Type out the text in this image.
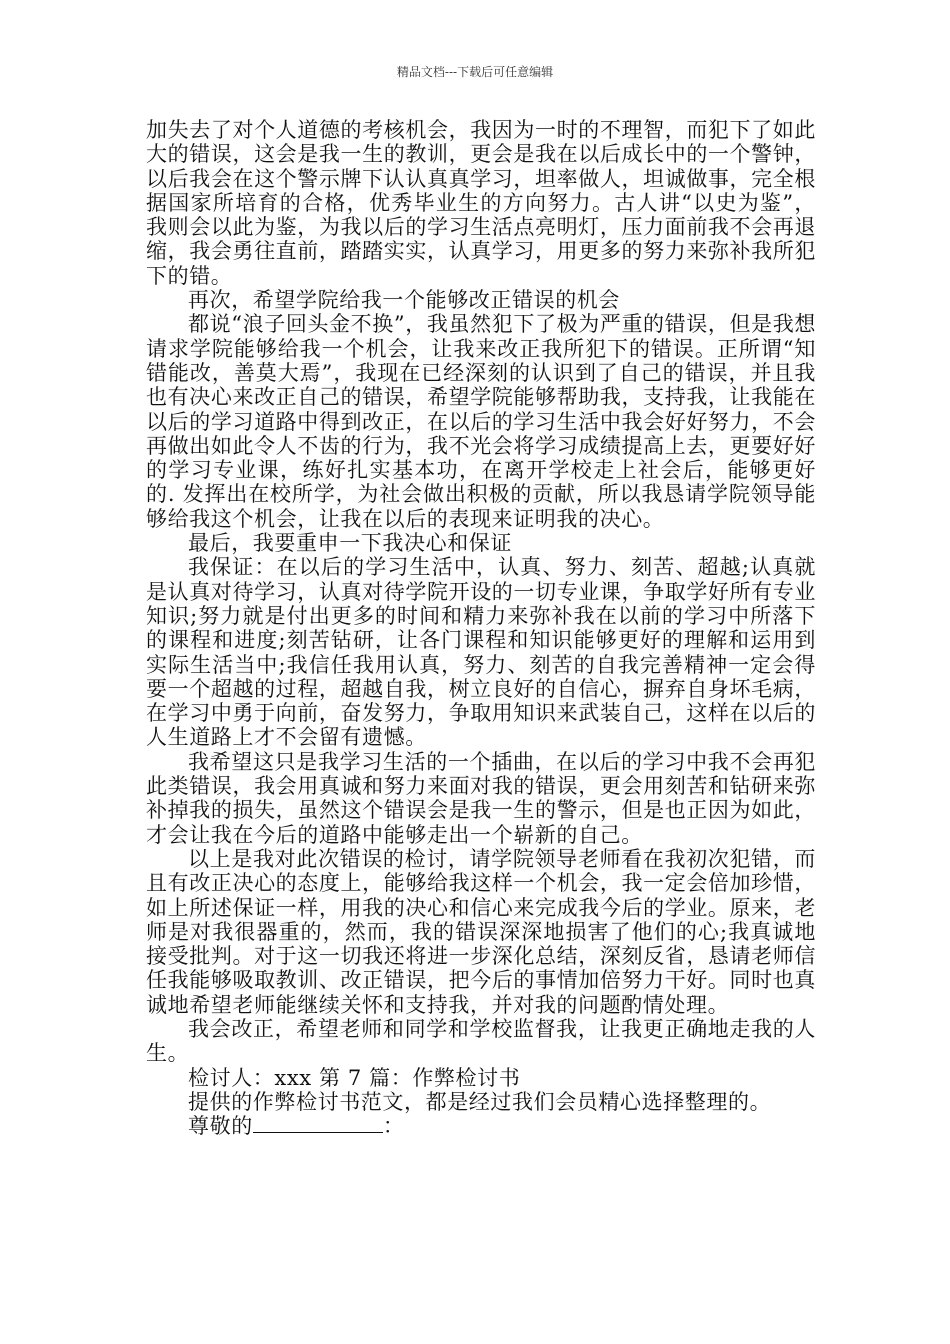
精品文档---下载后可任意编辑

加失去了对个人道德的考核机会，我因为一时的不理智，而犯下了如此大的错误，这会是我一生的教训，更会是我在以后成长中的一个警钟，以后我会在这个警示牌下认认真真学习，坦率做人，坦诚做事，完全根据国家所培育的合格，优秀毕业生的方向努力。古人讲“以史为鉴”，我则会以此为鉴，为我以后的学习生活点亮明灯，压力面前我不会再退缩，我会勇往直前，踏踏实实，认真学习，用更多的努力来弥补我所犯下的错。

再次，希望学院给我一个能够改正错误的机会

都说“浪子回头金不换”，我虽然犯下了极为严重的错误，但是我想请求学院能够给我一个机会，让我来改正我所犯下的错误。正所谓“知错能改，善莫大焉”，我现在已经深刻的认识到了自己的错误，并且我也有决心来改正自己的错误，希望学院能够帮助我，支持我，让我能在以后的学习道路中得到改正，在以后的学习生活中我会好好努力，不会再做出如此令人不齿的行为，我不光会将学习成绩提高上去，更要好好的学习专业课，练好扎实基本功，在离开学校走上社会后，能够更好的. 发挥出在校所学，为社会做出积极的贡献，所以我恳请学院领导能够给我这个机会，让我在以后的表现来证明我的决心。

最后，我要重申一下我决心和保证

我保证：在以后的学习生活中，认真、努力、刻苦、超越;认真就是认真对待学习，认真对待学院开设的一切专业课，争取学好所有专业知识;努力就是付出更多的时间和精力来弥补我在以前的学习中所落下的课程和进度;刻苦钻研，让各门课程和知识能够更好的理解和运用到实际生活当中;我信任我用认真，努力、刻苦的自我完善精神一定会得要一个超越的过程，超越自我，树立良好的自信心，摒弃自身坏毛病，在学习中勇于向前，奋发努力，争取用知识来武装自己，这样在以后的人生道路上才不会留有遗憾。

我希望这只是我学习生活的一个插曲，在以后的学习中我不会再犯此类错误，我会用真诚和努力来面对我的错误，更会用刻苦和钻研来弥补掉我的损失，虽然这个错误会是我一生的警示，但是也正因为如此，才会让我在今后的道路中能够走出一个崭新的自己。

以上是我对此次错误的检讨，请学院领导老师看在我初次犯错，而且有改正决心的态度上，能够给我这样一个机会，我一定会倍加珍惜，如上所述保证一样，用我的决心和信心来完成我今后的学业。原来，老师是对我很器重的，然而，我的错误深深地损害了他们的心;我真诚地接受批判。对于这一切我还将进一步深化总结，深刻反省，恳请老师信任我能够吸取教训、改正错误，把今后的事情加倍努力干好。同时也真诚地希望老师能继续关怀和支持我，并对我的问题酌情处理。

我会改正，希望老师和同学和学校监督我，让我更正确地走我的人生。

检讨人：xxx 第 7 篇：作弊检讨书

提供的作弊检讨书范文，都是经过我们会员精心选择整理的。

尊敬的	：
